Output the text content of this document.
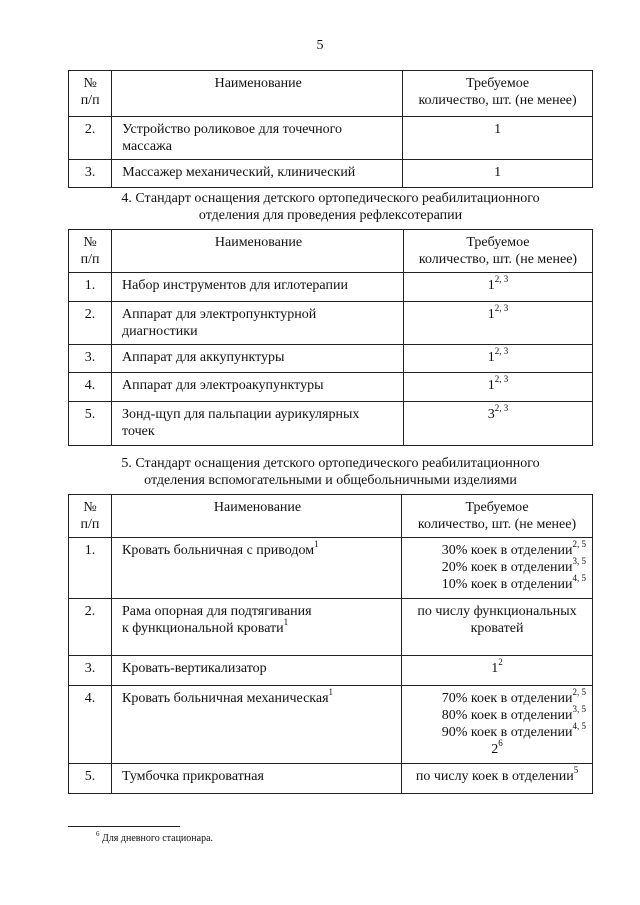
5
№
п/п	Наименование	Требуемое
количество, шт. (не менее)
2.	Устройство роликовое для точечного
массажа	1
3.	Массажер механический, клинический	1
4. Стандарт оснащения детского ортопедического реабилитационного
отделения для проведения рефлексотерапии
№
п/п	Наименование	Требуемое
количество, шт. (не менее)
1.	Набор инструментов для иглотерапии	1$^{2, 3}$
2.	Аппарат для электропунктурной
диагностики	1$^{2, 3}$
3.	Аппарат для аккупунктуры	1$^{2, 3}$
4.	Аппарат для электроакупунктуры	1$^{2, 3}$
5.	Зонд-щуп для пальпации аурикулярных
точек	3$^{2, 3}$
5. Стандарт оснащения детского ортопедического реабилитационного
отделения вспомогательными и общебольничными изделиями
№
п/п	Наименование	Требуемое
количество, шт. (не менее)
1.	Кровать больничная с приводом$^1$	30% коек в отделении$^{2, 5}$
20% коек в отделении$^{3, 5}$
10% коек в отделении$^{4, 5}$

2.	Рама опорная для подтягивания
к функциональной кровати$^1$	по числу функциональных
кроватей
3.	Кровать-вертикализатор	$1^2$
4.	Кровать больничная механическая$^1$	70% коек в отделении$^{2, 5}$
80% коек в отделении$^{3, 5}$
90% коек в отделении$^{4, 5}$
$2^6$
5.	Тумбочка прикроватная	по числу коек в отделении$^5$
$^6$ Для дневного стационара.
